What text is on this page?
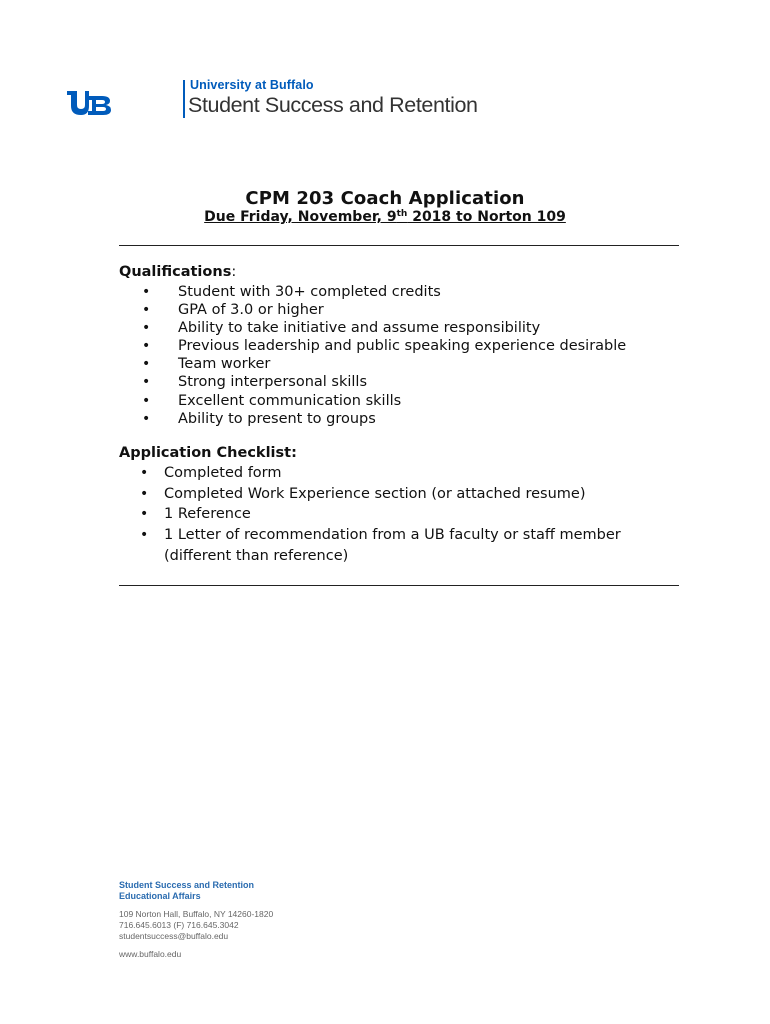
University at Buffalo
Student Success and Retention
CPM 203 Coach Application
Due Friday, November, 9th 2018 to Norton 109
Qualifications:
• Student with 30+ completed credits
• GPA of 3.0 or higher
• Ability to take initiative and assume responsibility
• Previous leadership and public speaking experience desirable
• Team worker
• Strong interpersonal skills
• Excellent communication skills
• Ability to present to groups
Application Checklist:
• Completed form
• Completed Work Experience section (or attached resume)
• 1 Reference
• 1 Letter of recommendation from a UB faculty or staff member (different than reference)
Student Success and Retention
Educational Affairs
109 Norton Hall, Buffalo, NY 14260-1820
716.645.6013 (F) 716.645.3042
studentsuccess@buffalo.edu
www.buffalo.edu
